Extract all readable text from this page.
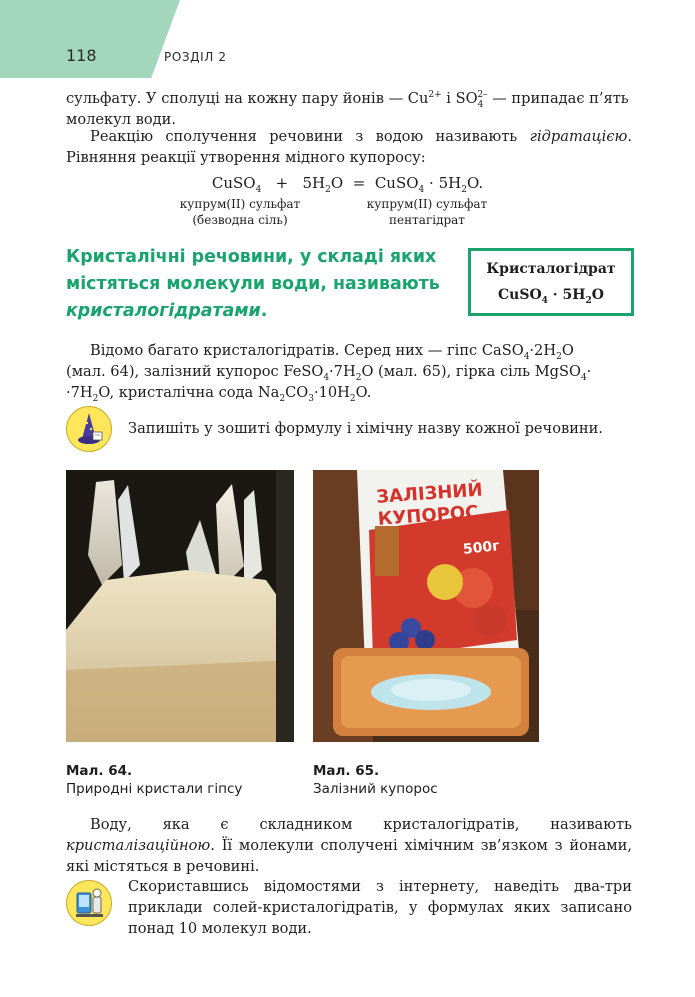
118	РОЗДІЛ 2
сульфату. У сполуці на кожну пару йонів — $Cu^{2+}$ і $SO_4^{2-}$ — припадає п’ять
молекул води.
Реакцію сполучення речовини з водою називають гідратацією. Рівняння реакції утворення мідного купоросу:
CuSO$_4$   +   $5H_2O$  =  CuSO$_4$ · $5H_2O$.
купрум(ІІ) сульфат
(безводна сіль)
купрум(ІІ) сульфат
пентагідрат
Кристалічні речовини, у складі яких містяться молекули води, називають кристалогідратами.
Кристалогідрат
CuSO$_4$ · $5H_2O$
Відомо багато кристалогідратів. Серед них — гіпс $CaSO_4\cdot 2H_2O$
(мал. 64), залізний купорос $FeSO_4\cdot 7H_2O$ (мал. 65), гірка сіль MgSO$_4$·
$\cdot 7H_2O$, кристалічна сода $Na_2CO_3\cdot 10H_2O$.
Запишіть у зошиті формулу і хімічну назву кожної речовини.
ЗАЛІЗНИЙ
КУПОРОС
500г
Мал. 64.
Природні кристали гіпсу
Мал. 65.
Залізний купорос
Воду, яка є складником кристалогідратів, називають кристалізаційною. Її молекули сполучені хімічним зв’язком з йонами, які містяться в речовині.
Скориставшись відомостями з інтернету, наведіть два-три приклади солей-кристалогідратів, у формулах яких записано понад 10 молекул води.
